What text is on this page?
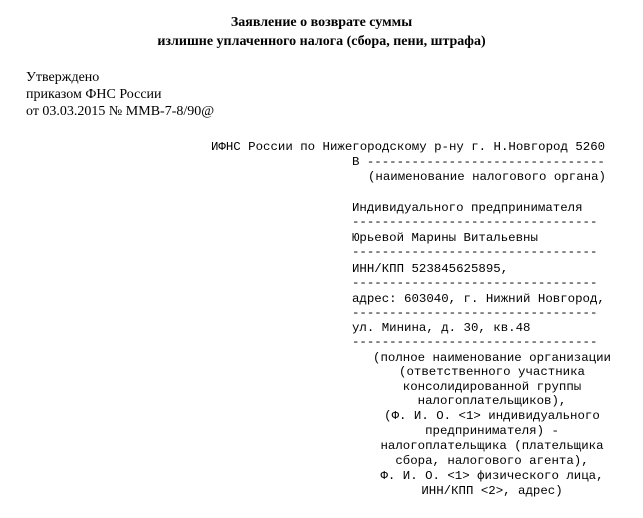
Заявление о возврате суммы
излишне уплаченного налога (сбора, пени, штрафа)
Утверждено
приказом ФНС России
от 03.03.2015 № ММВ-7-8/90@
ИФНС России по Нижегородскому р-ну г. Н.Новгород 5260
В --------------------------------
(наименование налогового органа)
Индивидуального предпринимателя
---------------------------------
Юрьевой Марины Витальевны
---------------------------------
ИНН/КПП 523845625895,
---------------------------------
адрес: 603040, г. Нижний Новгород,
---------------------------------
ул. Минина, д. 30, кв.48
---------------------------------
(полное наименование организации
(ответственного участника
консолидированной группы
налогоплательщиков),
(Ф. И. О. <1> индивидуального
предпринимателя) -
налогоплательщика (плательщика
сбора, налогового агента),
Ф. И. О. <1> физического лица,
ИНН/КПП <2>, адрес)
